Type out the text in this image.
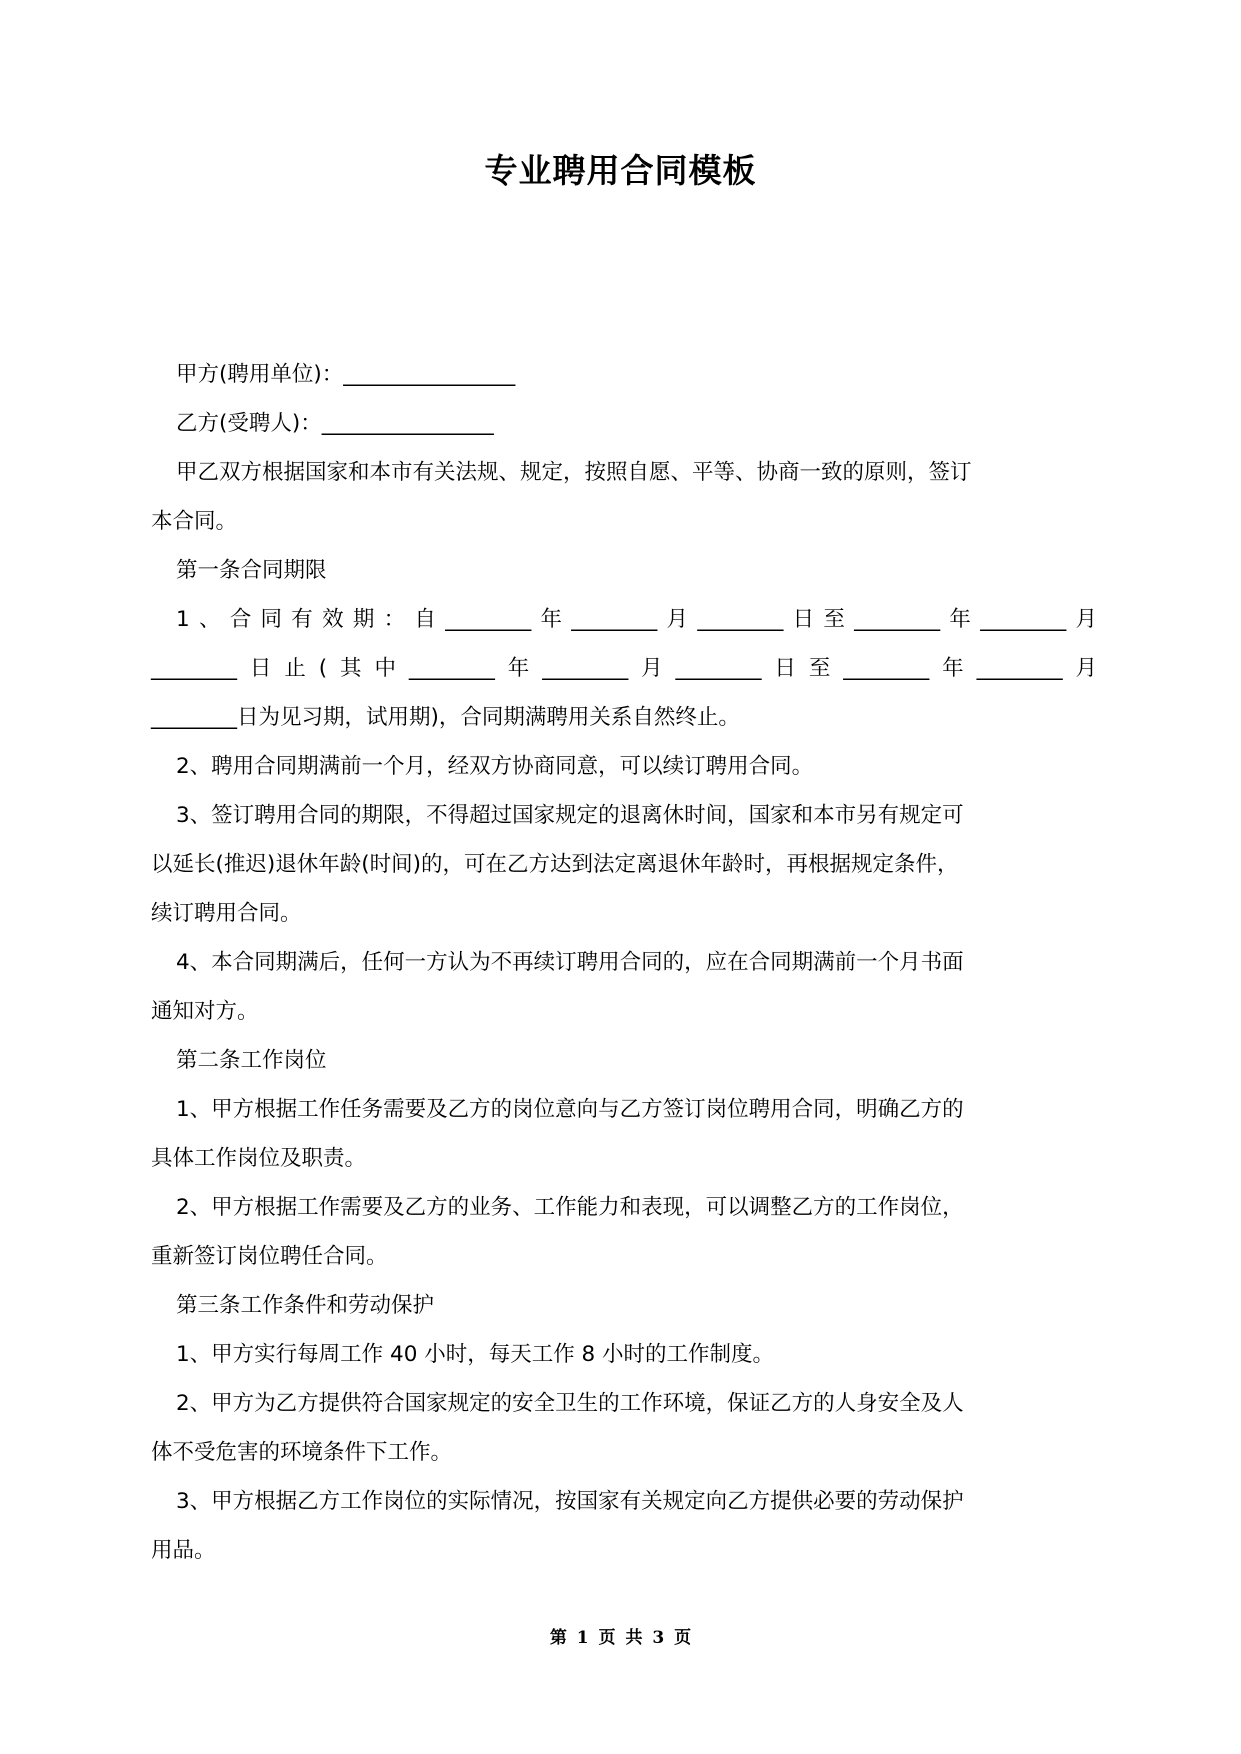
专业聘用合同模板

甲方(聘用单位)：________________

乙方(受聘人)：________________

甲乙双方根据国家和本市有关法规、规定，按照自愿、平等、协商一致的原则，签订

本合同。

第一条合同期限

1、合同有效期：自________年________月________日至________年________月

________日止(其中________年________月________日至________年________月

________日为见习期，试用期)，合同期满聘用关系自然终止。

2、聘用合同期满前一个月，经双方协商同意，可以续订聘用合同。

3、签订聘用合同的期限，不得超过国家规定的退离休时间，国家和本市另有规定可

以延长(推迟)退休年龄(时间)的，可在乙方达到法定离退休年龄时，再根据规定条件，

续订聘用合同。

4、本合同期满后，任何一方认为不再续订聘用合同的，应在合同期满前一个月书面

通知对方。

第二条工作岗位

1、甲方根据工作任务需要及乙方的岗位意向与乙方签订岗位聘用合同，明确乙方的

具体工作岗位及职责。

2、甲方根据工作需要及乙方的业务、工作能力和表现，可以调整乙方的工作岗位，

重新签订岗位聘任合同。

第三条工作条件和劳动保护

1、甲方实行每周工作 40 小时，每天工作 8 小时的工作制度。

2、甲方为乙方提供符合国家规定的安全卫生的工作环境，保证乙方的人身安全及人

体不受危害的环境条件下工作。

3、甲方根据乙方工作岗位的实际情况，按国家有关规定向乙方提供必要的劳动保护

用品。

第 1 页 共 3 页
